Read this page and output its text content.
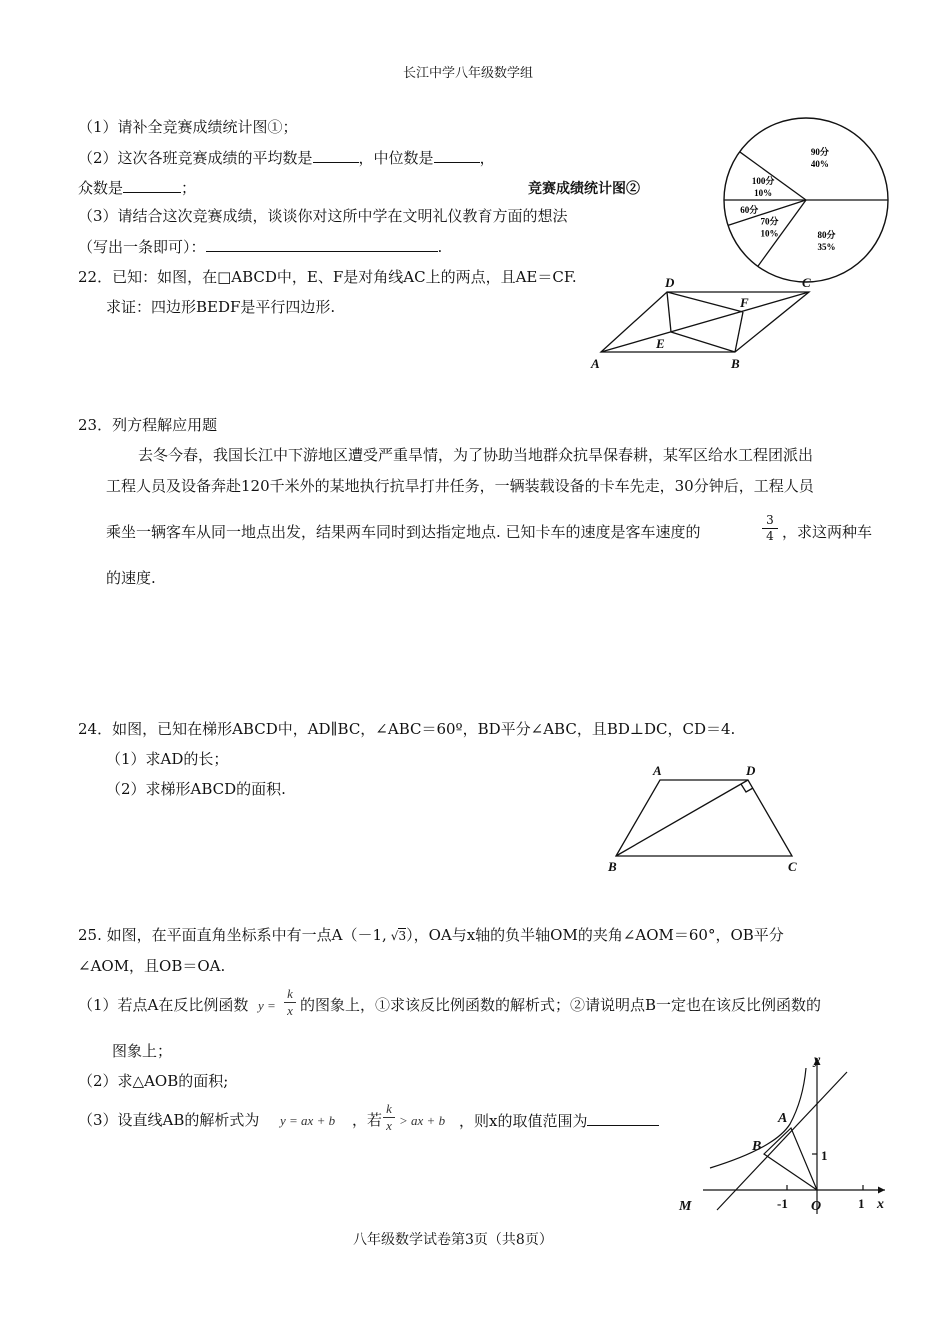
长江中学八年级数学组
（1）请补全竞赛成绩统计图①；
（2）这次各班竞赛成绩的平均数是	，中位数是	，
众数是	；	竞赛成绩统计图②
（3）请结合这次竞赛成绩，谈谈你对这所中学在文明礼仪教育方面的想法
（写出一条即可）：	.
90分
40%
80分
35%
70分
10%
60分
100分
10%
22．已知：如图，在□ABCD中，E、F是对角线AC上的两点，且AE＝CF.
求证：四边形BEDF是平行四边形.
A	B
C
D
E
F
23．列方程解应用题
去冬今春，我国长江中下游地区遭受严重旱情，为了协助当地群众抗旱保春耕，某军区给水工程团派出
工程人员及设备奔赴120千米外的某地执行抗旱打井任务，一辆装载设备的卡车先走，30分钟后，工程人员
乘坐一辆客车从同一地点出发，结果两车同时到达指定地点. 已知卡车的速度是客车速度的
3
4 ，求这两种车
的速度.
24．如图，已知在梯形ABCD中，AD∥BC，∠ABC＝60º，BD平分∠ABC，且BD⊥DC，CD＝4.
（1）求AD的长；
（2）求梯形ABCD的面积.
A	D
B	C
25. 如图，在平面直角坐标系中有一点A（－1, √3），OA与x轴的负半轴OM的夹角∠AOM＝60°，OB平分
∠AOM，且OB＝OA.
（1）若点A在反比例函数 y =
k
x 的图象上，①求该反比例函数的解析式；②请说明点B一定也在该反比例函数的
图象上；
（2）求△AOB的面积;
（3）设直线AB的解析式为 y = ax + b ，若
k
x > ax + b ，则x的取值范围为
y
x
A
B
O
M
1
-1	1
八年级数学试卷第3页（共8页）
